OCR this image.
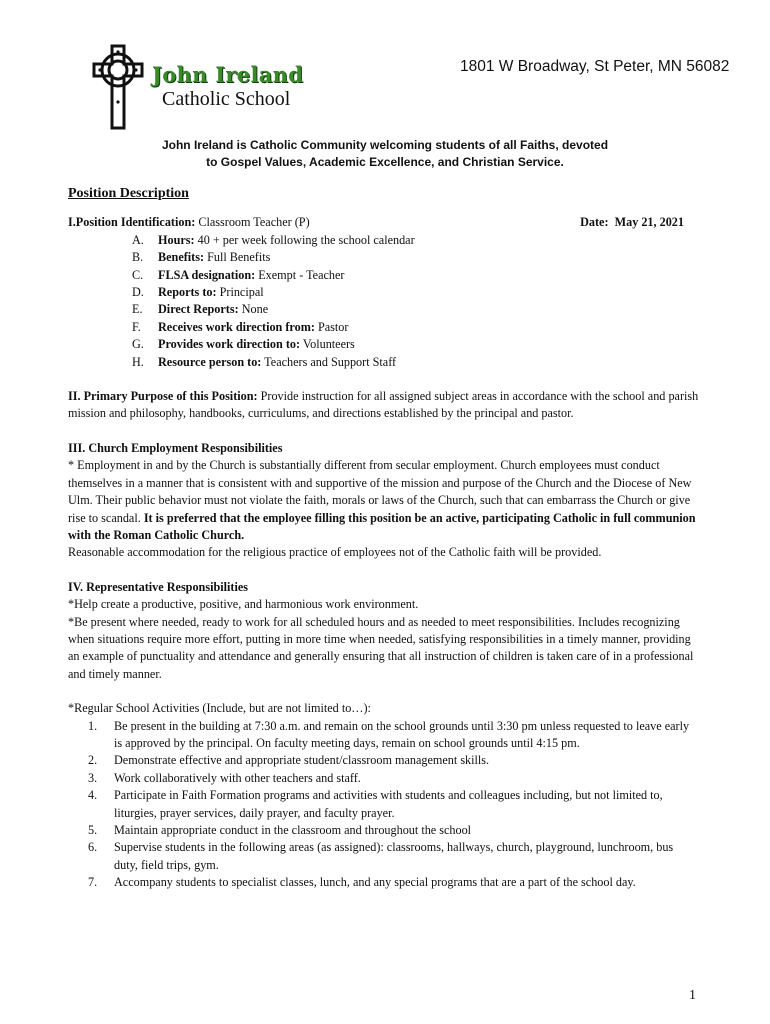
John Ireland
Catholic School
1801 W Broadway, St Peter, MN 56082
John Ireland is Catholic Community welcoming students of all Faiths, devoted
to Gospel Values, Academic Excellence, and Christian Service.

Position Description

I.Position Identification: Classroom Teacher (P)	Date:  May 21, 2021
A.	Hours: 40 + per week following the school calendar
B.	Benefits: Full Benefits
C.	FLSA designation: Exempt - Teacher
D.	Reports to: Principal
E.	Direct Reports: None
F.	Receives work direction from: Pastor
G.	Provides work direction to: Volunteers
H.	Resource person to: Teachers and Support Staff

II. Primary Purpose of this Position: Provide instruction for all assigned subject areas in accordance with the school and parish mission and philosophy, handbooks, curriculums, and directions established by the principal and pastor.

III. Church Employment Responsibilities

* Employment in and by the Church is substantially different from secular employment. Church employees must conduct themselves in a manner that is consistent with and supportive of the mission and purpose of the Church and the Diocese of New Ulm. Their public behavior must not violate the faith, morals or laws of the Church, such that can embarrass the Church or give rise to scandal. It is preferred that the employee filling this position be an active, participating Catholic in full communion with the Roman Catholic Church.

Reasonable accommodation for the religious practice of employees not of the Catholic faith will be provided.

IV. Representative Responsibilities

*Help create a productive, positive, and harmonious work environment.

*Be present where needed, ready to work for all scheduled hours and as needed to meet responsibilities. Includes recognizing when situations require more effort, putting in more time when needed, satisfying responsibilities in a timely manner, providing an example of punctuality and attendance and generally ensuring that all instruction of children is taken care of in a professional and timely manner.

*Regular School Activities (Include, but are not limited to…):

1.	Be present in the building at 7:30 a.m. and remain on the school grounds until 3:30 pm unless requested to leave early is approved by the principal. On faculty meeting days, remain on school grounds until 4:15 pm.
2.	Demonstrate effective and appropriate student/classroom management skills.
3.	Work collaboratively with other teachers and staff.
4.	Participate in Faith Formation programs and activities with students and colleagues including, but not limited to, liturgies, prayer services, daily prayer, and faculty prayer.
5.	Maintain appropriate conduct in the classroom and throughout the school
6.	Supervise students in the following areas (as assigned): classrooms, hallways, church, playground, lunchroom, bus duty, field trips, gym.
7.	Accompany students to specialist classes, lunch, and any special programs that are a part of the school day.
1
